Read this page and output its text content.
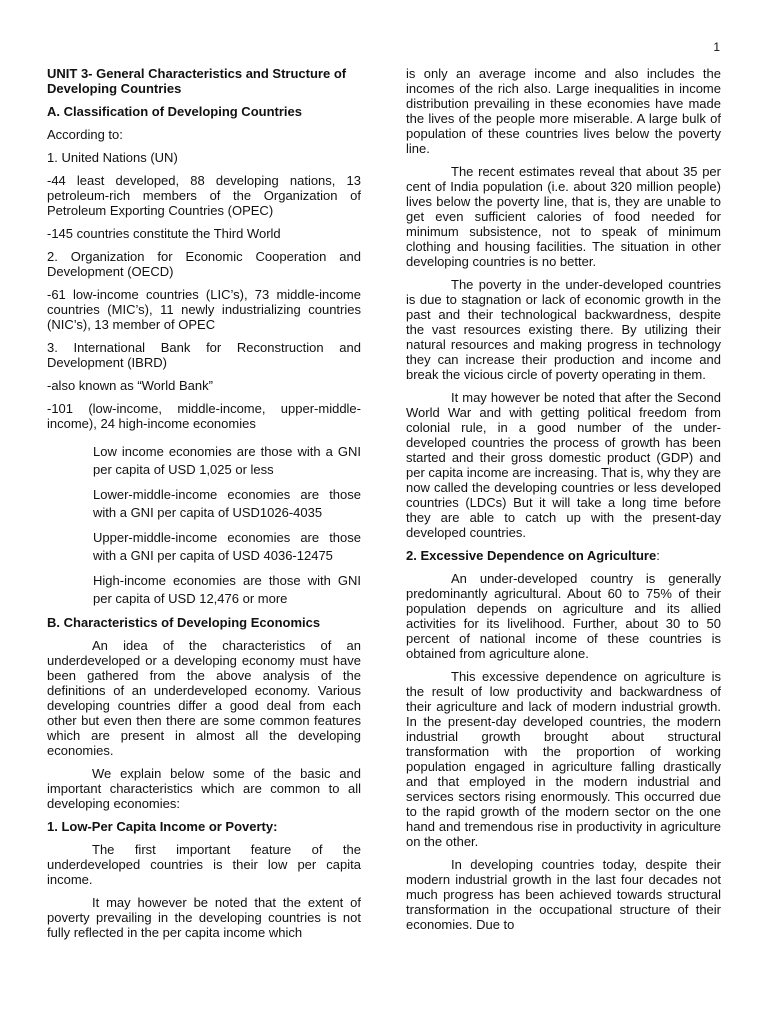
1

UNIT 3- General Characteristics and Structure of Developing Countries

A. Classification of Developing Countries

According to:

1. United Nations (UN)

-44 least developed, 88 developing nations, 13 petroleum-rich members of the Organization of Petroleum Exporting Countries (OPEC)

-145 countries constitute the Third World

2. Organization for Economic Cooperation and Development (OECD)

-61 low-income countries (LIC’s), 73 middle-income countries (MIC’s), 11 newly industrializing countries (NIC’s), 13 member of OPEC

3. International Bank for Reconstruction and Development (IBRD)

-also known as “World Bank”

-101 (low-income, middle-income, upper-middle-income), 24 high-income economies

Low income economies are those with a GNI per capita of USD 1,025 or less
Lower-middle-income economies are those with a GNI per capita of USD1026-4035
Upper-middle-income economies are those with a GNI per capita of USD 4036-12475
High-income economies are those with GNI per capita of USD 12,476 or more

B. Characteristics of Developing Economics

An idea of the characteristics of an underdeveloped or a developing economy must have been gathered from the above analysis of the definitions of an underdeveloped economy. Various developing countries differ a good deal from each other but even then there are some common features which are present in almost all the developing economies.

We explain below some of the basic and important characteristics which are common to all developing economies:

1. Low-Per Capita Income or Poverty:

The first important feature of the underdeveloped countries is their low per capita income.

It may however be noted that the extent of poverty prevailing in the developing countries is not fully reflected in the per capita income which

is only an average income and also includes the incomes of the rich also. Large inequalities in income distribution prevailing in these economies have made the lives of the people more miserable. A large bulk of population of these countries lives below the poverty line.

The recent estimates reveal that about 35 per cent of India population (i.e. about 320 million people) lives below the poverty line, that is, they are unable to get even sufficient calories of food needed for minimum subsistence, not to speak of minimum clothing and housing facilities. The situation in other developing countries is no better.

The poverty in the under-developed countries is due to stagnation or lack of economic growth in the past and their technological backwardness, despite the vast resources existing there. By utilizing their natural resources and making progress in technology they can increase their production and income and break the vicious circle of poverty operating in them.

It may however be noted that after the Second World War and with getting political freedom from colonial rule, in a good number of the under-developed countries the process of growth has been started and their gross domestic product (GDP) and per capita income are increasing. That is, why they are now called the developing countries or less developed countries (LDCs) But it will take a long time before they are able to catch up with the present-day developed countries.

2. Excessive Dependence on Agriculture:

An under-developed country is generally predominantly agricultural. About 60 to 75% of their population depends on agriculture and its allied activities for its livelihood. Further, about 30 to 50 percent of national income of these countries is obtained from agriculture alone.

This excessive dependence on agriculture is the result of low productivity and backwardness of their agriculture and lack of modern industrial growth. In the present-day developed countries, the modern industrial growth brought about structural transformation with the proportion of working population engaged in agriculture falling drastically and that employed in the modern industrial and services sectors rising enormously. This occurred due to the rapid growth of the modern sector on the one hand and tremendous rise in productivity in agriculture on the other.

In developing countries today, despite their modern industrial growth in the last four decades not much progress has been achieved towards structural transformation in the occupational structure of their economies. Due to
